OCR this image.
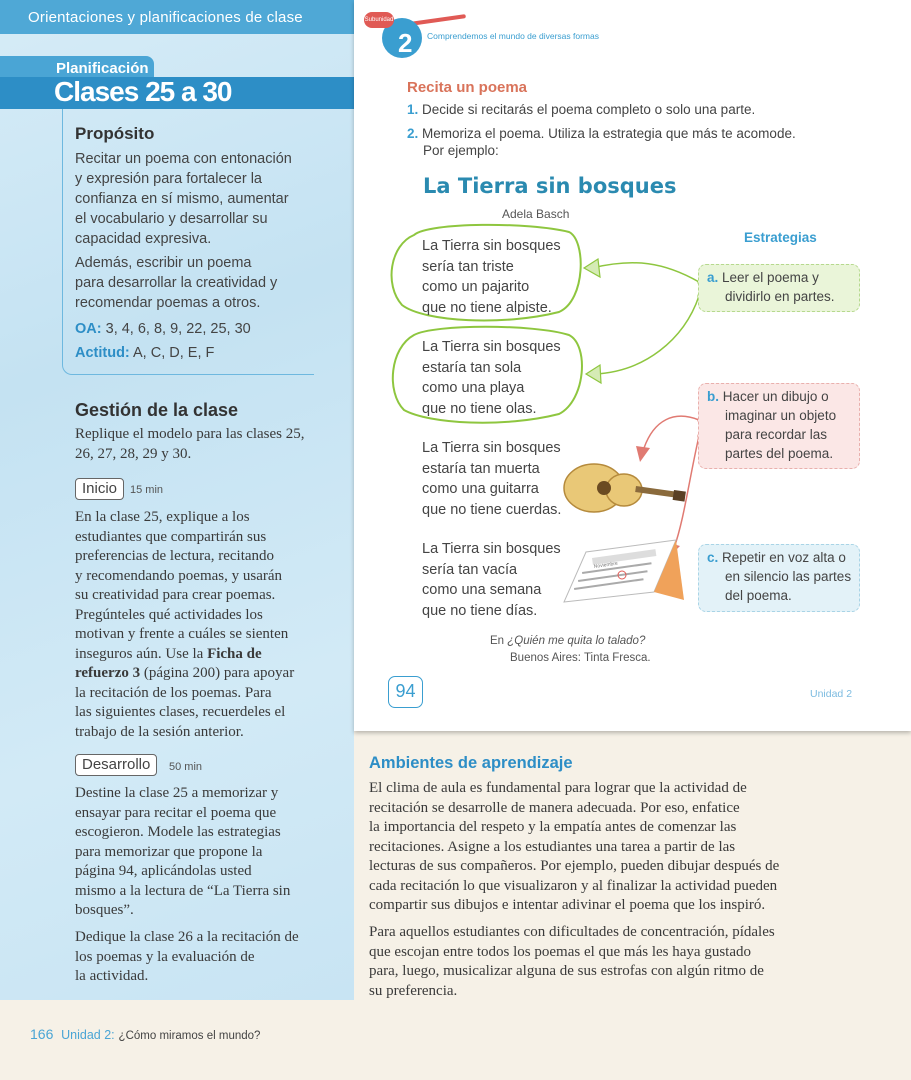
Orientaciones y planificaciones de clase
Planificación
Clases 25 a 30
Propósito
Recitar un poema con entonación
y expresión para fortalecer la
confianza en sí mismo, aumentar
el vocabulario y desarrollar su
capacidad expresiva.
Además, escribir un poema
para desarrollar la creatividad y
recomendar poemas a otros.
OA: 3, 4, 6, 8, 9, 22, 25, 30
Actitud: A, C, D, E, F
Gestión de la clase
Replique el modelo para las clases 25,
26, 27, 28, 29 y 30.
Inicio	15 min
En la clase 25, explique a los
estudiantes que compartirán sus
preferencias de lectura, recitando
y recomendando poemas, y usarán
su creatividad para crear poemas.
Pregúnteles qué actividades los
motivan y frente a cuáles se sienten
inseguros aún. Use la Ficha de
refuerzo 3 (página 200) para apoyar
la recitación de los poemas. Para
las siguientes clases, recuerdeles el
trabajo de la sesión anterior.
Desarrollo	50 min
Destine la clase 25 a memorizar y
ensayar para recitar el poema que
escogieron. Modele las estrategias
para memorizar que propone la
página 94, aplicándolas usted
mismo a la lectura de “La Tierra sin
bosques”.
Dedique la clase 26 a la recitación de
los poemas y la evaluación de
la actividad.
166 Unidad 2: ¿Cómo miramos el mundo?
Subunidad
2 Comprendemos el mundo de diversas formas
Recita un poema
1. Decide si recitarás el poema completo o solo una parte.
2. Memoriza el poema. Utiliza la estrategia que más te acomode.
Por ejemplo:
La Tierra sin bosques
Adela Basch
Noviembre
La Tierra sin bosques
sería tan triste
como un pajarito
que no tiene alpiste.
La Tierra sin bosques
estaría tan sola
como una playa
que no tiene olas.
La Tierra sin bosques
estaría tan muerta
como una guitarra
que no tiene cuerdas.
La Tierra sin bosques
sería tan vacía
como una semana
que no tiene días.
En ¿Quién me quita lo talado?
Buenos Aires: Tinta Fresca.
Estrategias
a. Leer el poema y
dividirlo en partes.
b. Hacer un dibujo o
imaginar un objeto
para recordar las
partes del poema.
c. Repetir en voz alta o
en silencio las partes
del poema.
94	Unidad 2
Ambientes de aprendizaje
El clima de aula es fundamental para lograr que la actividad de
recitación se desarrolle de manera adecuada. Por eso, enfatice
la importancia del respeto y la empatía antes de comenzar las
recitaciones. Asigne a los estudiantes una tarea a partir de las
lecturas de sus compañeros. Por ejemplo, pueden dibujar después de
cada recitación lo que visualizaron y al finalizar la actividad pueden
compartir sus dibujos e intentar adivinar el poema que los inspiró.
Para aquellos estudiantes con dificultades de concentración, pídales
que escojan entre todos los poemas el que más les haya gustado
para, luego, musicalizar alguna de sus estrofas con algún ritmo de
su preferencia.
